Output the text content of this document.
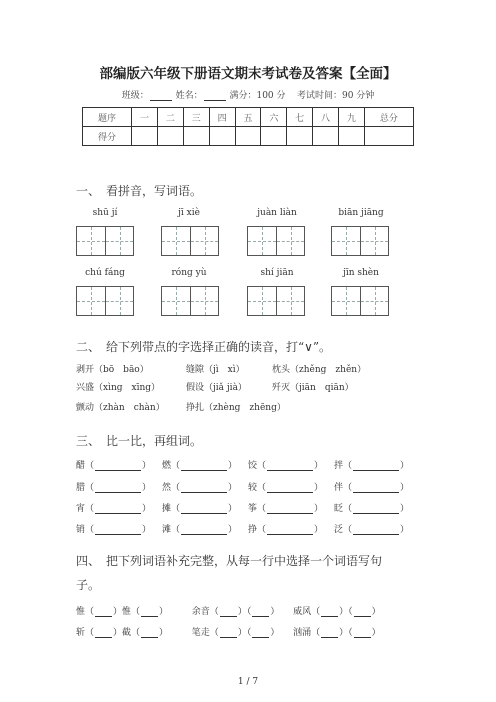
部编版六年级下册语文期末考试卷及答案【全面】
班级：	姓名：	满分：100 分 考试时间：90 分钟
题序	一	二	三	四	五	六	七	八	九	总分
得分										
一、　看拼音，写词语。
shū jí	jī xiè	juàn liàn	biān jiāng
chú fáng	róng yù	shí jiān	jīn shèn
二、　给下列带点的字选择正确的读音，打“∨”。
剥开（bō　bāo）	缝隙（jì　xì）	枕头（zhěng　zhěn）
兴盛（xìng　xīng）	假设（jiǎ jià）	歼灭（jiān　qiān）
颤动（zhàn　chàn） 挣扎（zhèng　zhēng）
三、　比一比，再组词。
醋（	） 燃（	） 饺（	） 拌（	）
腊（	） 然（	） 较（	） 伴（	）
宵（	） 摊（	） 筝（	） 眨（	）
销（	） 滩（	） 挣（	） 泛（	）
四、　把下列词语补充完整，从每一行中选择一个词语写句
子。
惟（ ）惟（ ）	余音（ ）（ ） 威风（ ）（ ）
斩（ ）截（ ）	笔走（ ）（ ） 汹涌（ ）（ ）
1 / 7
